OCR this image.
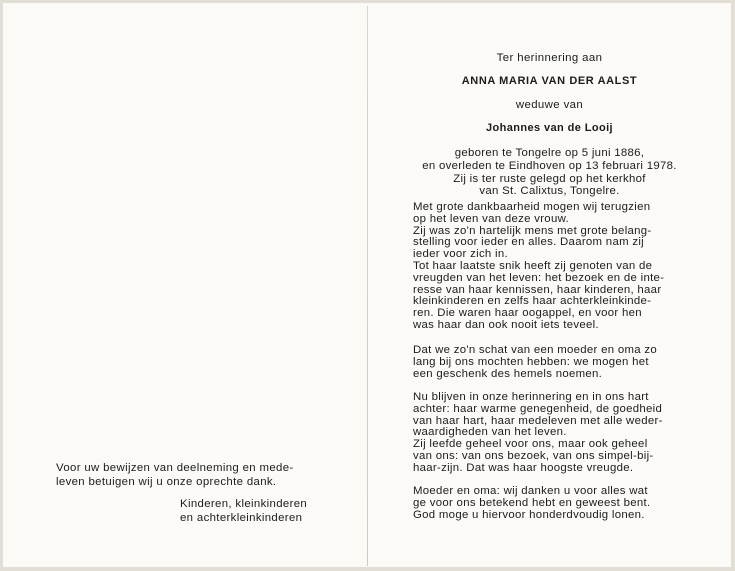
Voor uw bewijzen van deelneming en mede-
leven betuigen wij u onze oprechte dank.
Kinderen, kleinkinderen
en achterkleinkinderen
Ter herinnering aan
ANNA MARIA VAN DER AALST
weduwe van
Johannes van de Looij
geboren te Tongelre op 5 juni 1886,
en overleden te Eindhoven op 13 februari 1978.
Zij is ter ruste gelegd op het kerkhof
van St. Calixtus, Tongelre.
Met grote dankbaarheid mogen wij terugzien
op het leven van deze vrouw.
Zij was zo'n hartelijk mens met grote belang-
stelling voor ieder en alles. Daarom nam zij
ieder voor zich in.
Tot haar laatste snik heeft zij genoten van de
vreugden van het leven: het bezoek en de inte-
resse van haar kennissen, haar kinderen, haar
kleinkinderen en zelfs haar achterkleinkinde-
ren. Die waren haar oogappel, en voor hen
was haar dan ook nooit iets teveel.
Dat we zo'n schat van een moeder en oma zo
lang bij ons mochten hebben: we mogen het
een geschenk des hemels noemen.
Nu blijven in onze herinnering en in ons hart
achter: haar warme genegenheid, de goedheid
van haar hart, haar medeleven met alle weder-
waardigheden van het leven.
Zij leefde geheel voor ons, maar ook geheel
van ons: van ons bezoek, van ons simpel-bij-
haar-zijn. Dat was haar hoogste vreugde.
Moeder en oma: wij danken u voor alles wat
ge voor ons betekend hebt en geweest bent.
God moge u hiervoor honderdvoudig lonen.
